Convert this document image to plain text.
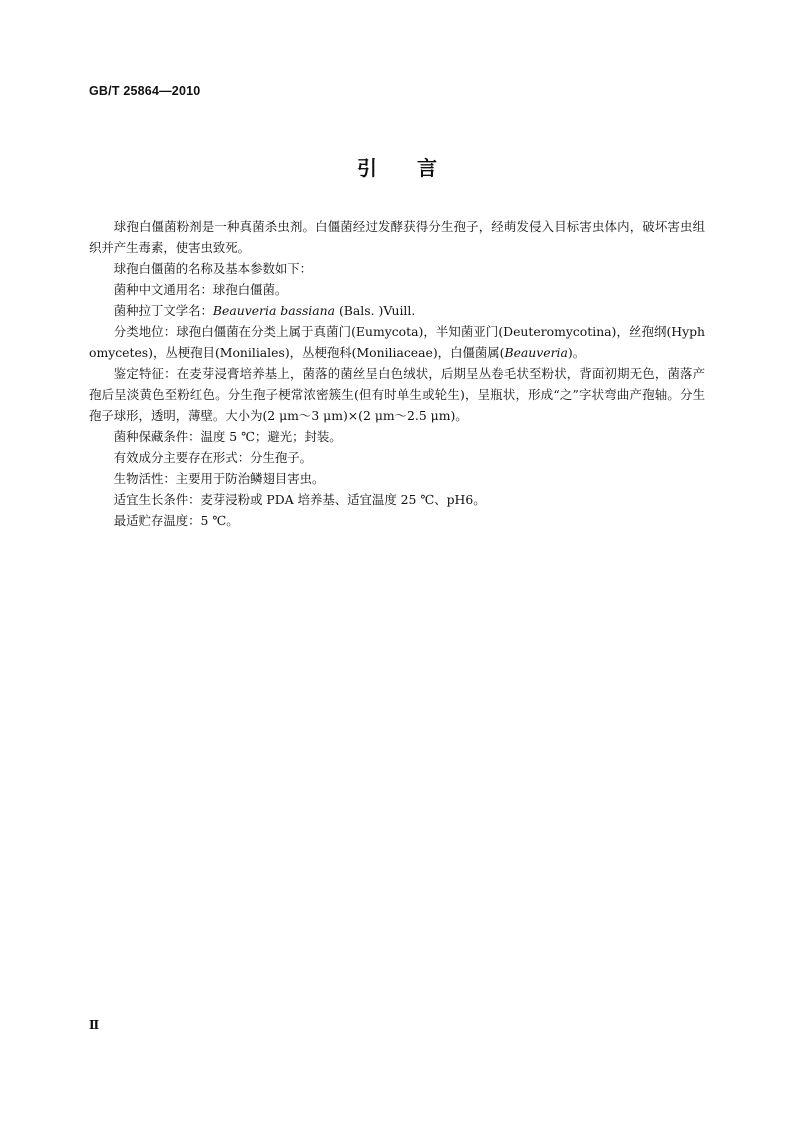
GB/T 25864—2010
引 言

球孢白僵菌粉剂是一种真菌杀虫剂。白僵菌经过发酵获得分生孢子，经萌发侵入目标害虫体内，破坏害虫组织并产生毒素，使害虫致死。

球孢白僵菌的名称及基本参数如下：

菌种中文通用名：球孢白僵菌。

菌种拉丁文学名：Beauveria bassiana (Bals. )Vuill.

分类地位：球孢白僵菌在分类上属于真菌门(Eumycota)，半知菌亚门(Deuteromycotina)，丝孢纲(Hyphomycetes)，丛梗孢目(Moniliales)，丛梗孢科(Moniliaceae)，白僵菌属(Beauveria)。

鉴定特征：在麦芽浸膏培养基上，菌落的菌丝呈白色绒状，后期呈丛卷毛状至粉状，背面初期无色，菌落产孢后呈淡黄色至粉红色。分生孢子梗常浓密簇生(但有时单生或轮生)，呈瓶状，形成“之”字状弯曲产孢轴。分生孢子球形，透明，薄壁。大小为(2 μm～3 μm)×(2 μm～2.5 μm)。

菌种保藏条件：温度 5 ℃；避光；封装。

有效成分主要存在形式：分生孢子。

生物活性：主要用于防治鳞翅目害虫。

适宜生长条件：麦芽浸粉或 PDA 培养基、适宜温度 25 ℃、pH6。

最适贮存温度：5 ℃。

Ⅱ
